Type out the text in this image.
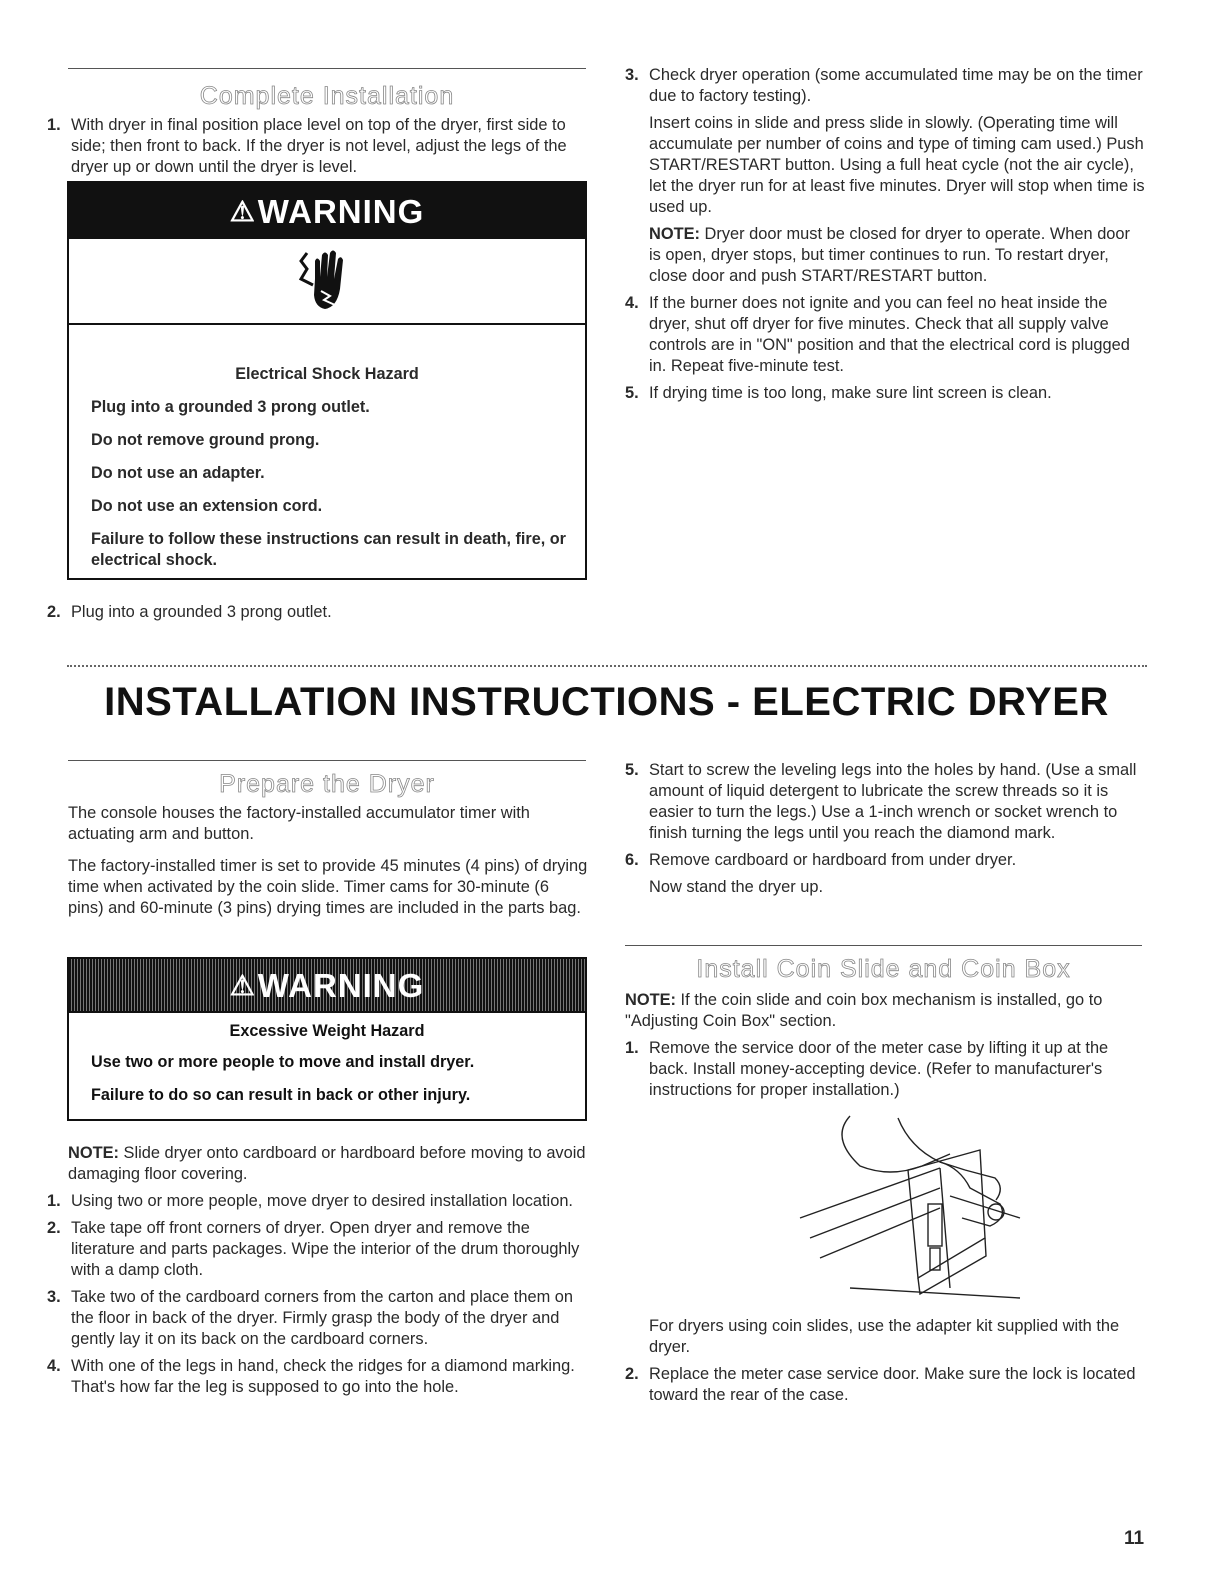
Complete Installation

1. With dryer in final position place level on top of the dryer, first side to side; then front to back. If the dryer is not level, adjust the legs of the dryer up or down until the dryer is level.

⚠WARNING
Electrical Shock Hazard

Plug into a grounded 3 prong outlet.

Do not remove ground prong.

Do not use an adapter.

Do not use an extension cord.

Failure to follow these instructions can result in death, fire, or electrical shock.

2. Plug into a grounded 3 prong outlet.

3. Check dryer operation (some accumulated time may be on the timer due to factory testing).

Insert coins in slide and press slide in slowly. (Operating time will accumulate per number of coins and type of timing cam used.) Push START/RESTART button. Using a full heat cycle (not the air cycle), let the dryer run for at least five minutes. Dryer will stop when time is used up.

NOTE: Dryer door must be closed for dryer to operate. When door is open, dryer stops, but timer continues to run. To restart dryer, close door and push START/RESTART button.

4. If the burner does not ignite and you can feel no heat inside the dryer, shut off dryer for five minutes. Check that all supply valve controls are in "ON" position and that the electrical cord is plugged in. Repeat five-minute test.

5. If drying time is too long, make sure lint screen is clean.

INSTALLATION INSTRUCTIONS - ELECTRIC DRYER
Prepare the Dryer

The console houses the factory-installed accumulator timer with actuating arm and button.

The factory-installed timer is set to provide 45 minutes (4 pins) of drying time when activated by the coin slide. Timer cams for 30-minute (6 pins) and 60-minute (3 pins) drying times are included in the parts bag.

⚠WARNING
Excessive Weight Hazard

Use two or more people to move and install dryer.

Failure to do so can result in back or other injury.

NOTE: Slide dryer onto cardboard or hardboard before moving to avoid damaging floor covering.

1. Using two or more people, move dryer to desired installation location.

2. Take tape off front corners of dryer. Open dryer and remove the literature and parts packages. Wipe the interior of the drum thoroughly with a damp cloth.

3. Take two of the cardboard corners from the carton and place them on the floor in back of the dryer. Firmly grasp the body of the dryer and gently lay it on its back on the cardboard corners.

4. With one of the legs in hand, check the ridges for a diamond marking. That's how far the leg is supposed to go into the hole.

5. Start to screw the leveling legs into the holes by hand. (Use a small amount of liquid detergent to lubricate the screw threads so it is easier to turn the legs.) Use a 1-inch wrench or socket wrench to finish turning the legs until you reach the diamond mark.

6. Remove cardboard or hardboard from under dryer.

Now stand the dryer up.

Install Coin Slide and Coin Box

NOTE: If the coin slide and coin box mechanism is installed, go to "Adjusting Coin Box" section.

1. Remove the service door of the meter case by lifting it up at the back. Install money-accepting device. (Refer to manufacturer's instructions for proper installation.)

For dryers using coin slides, use the adapter kit supplied with the dryer.

2. Replace the meter case service door. Make sure the lock is located toward the rear of the case.

11
